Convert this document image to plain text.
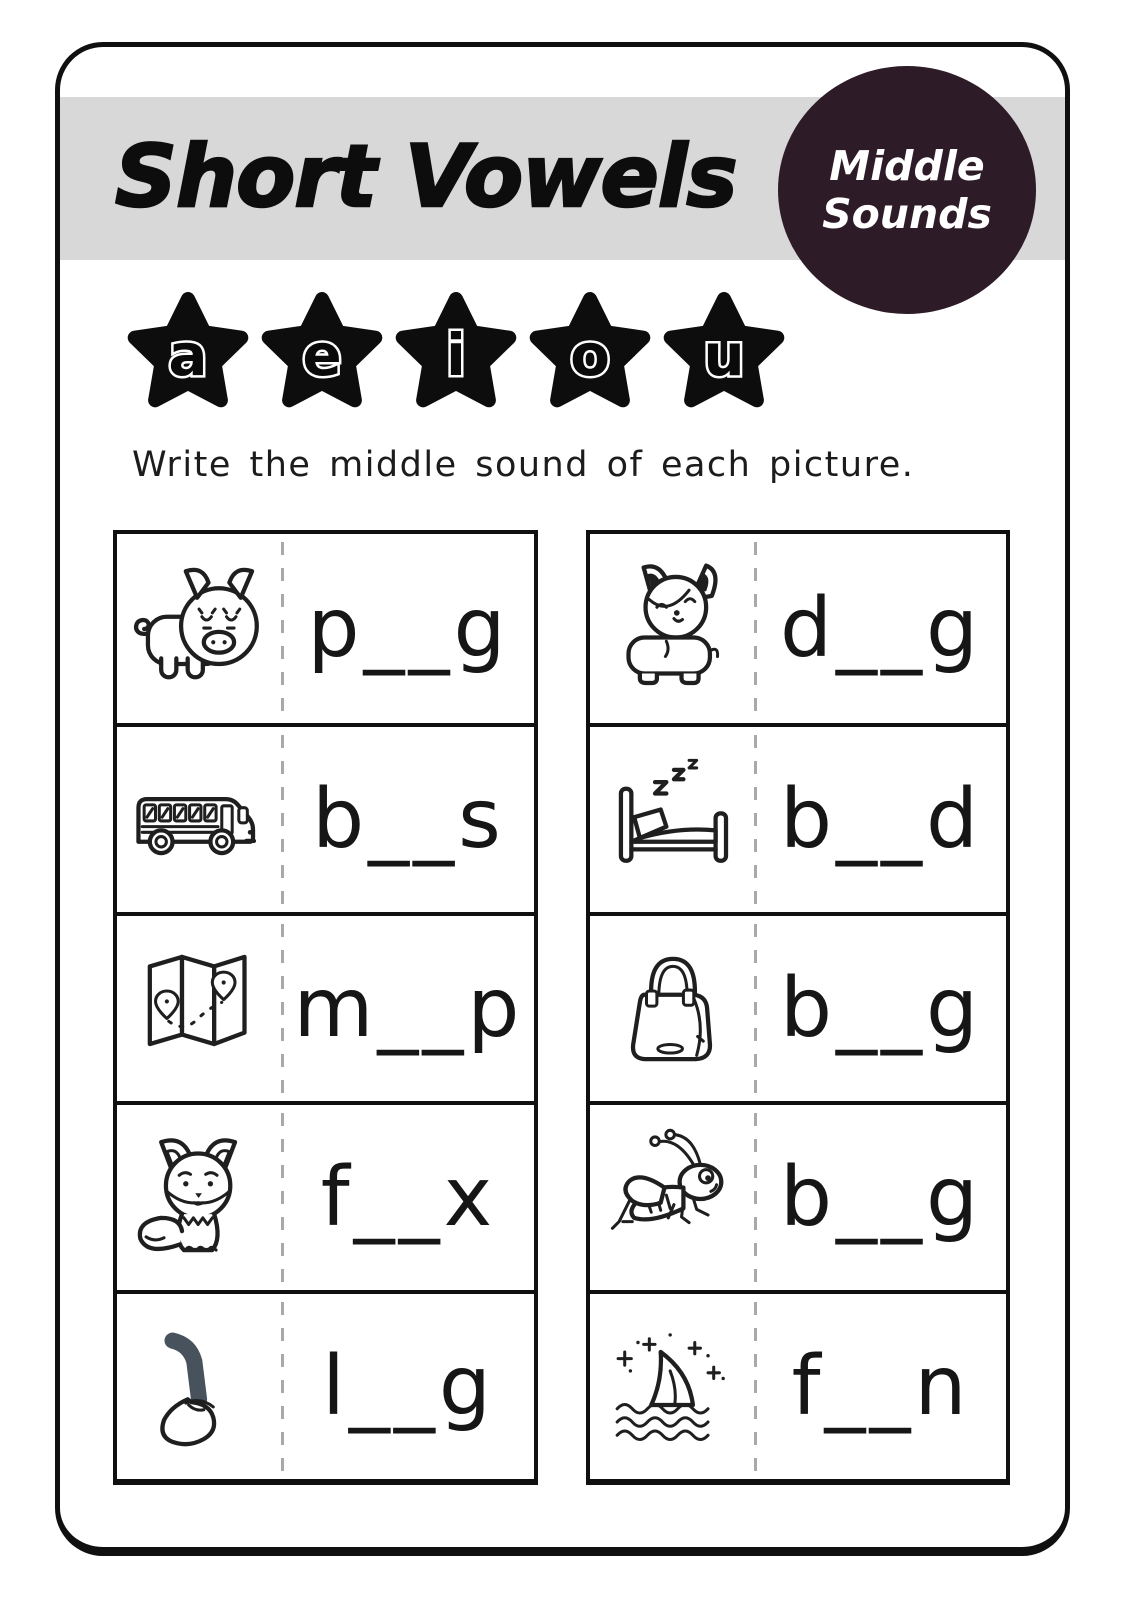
Short Vowels Middle
Sounds
a e i o u
Write the middle sound of each picture.
p__g
b__s
m__p
f__x
l__g
d__g
b__d
b__g
b__g
f__n
